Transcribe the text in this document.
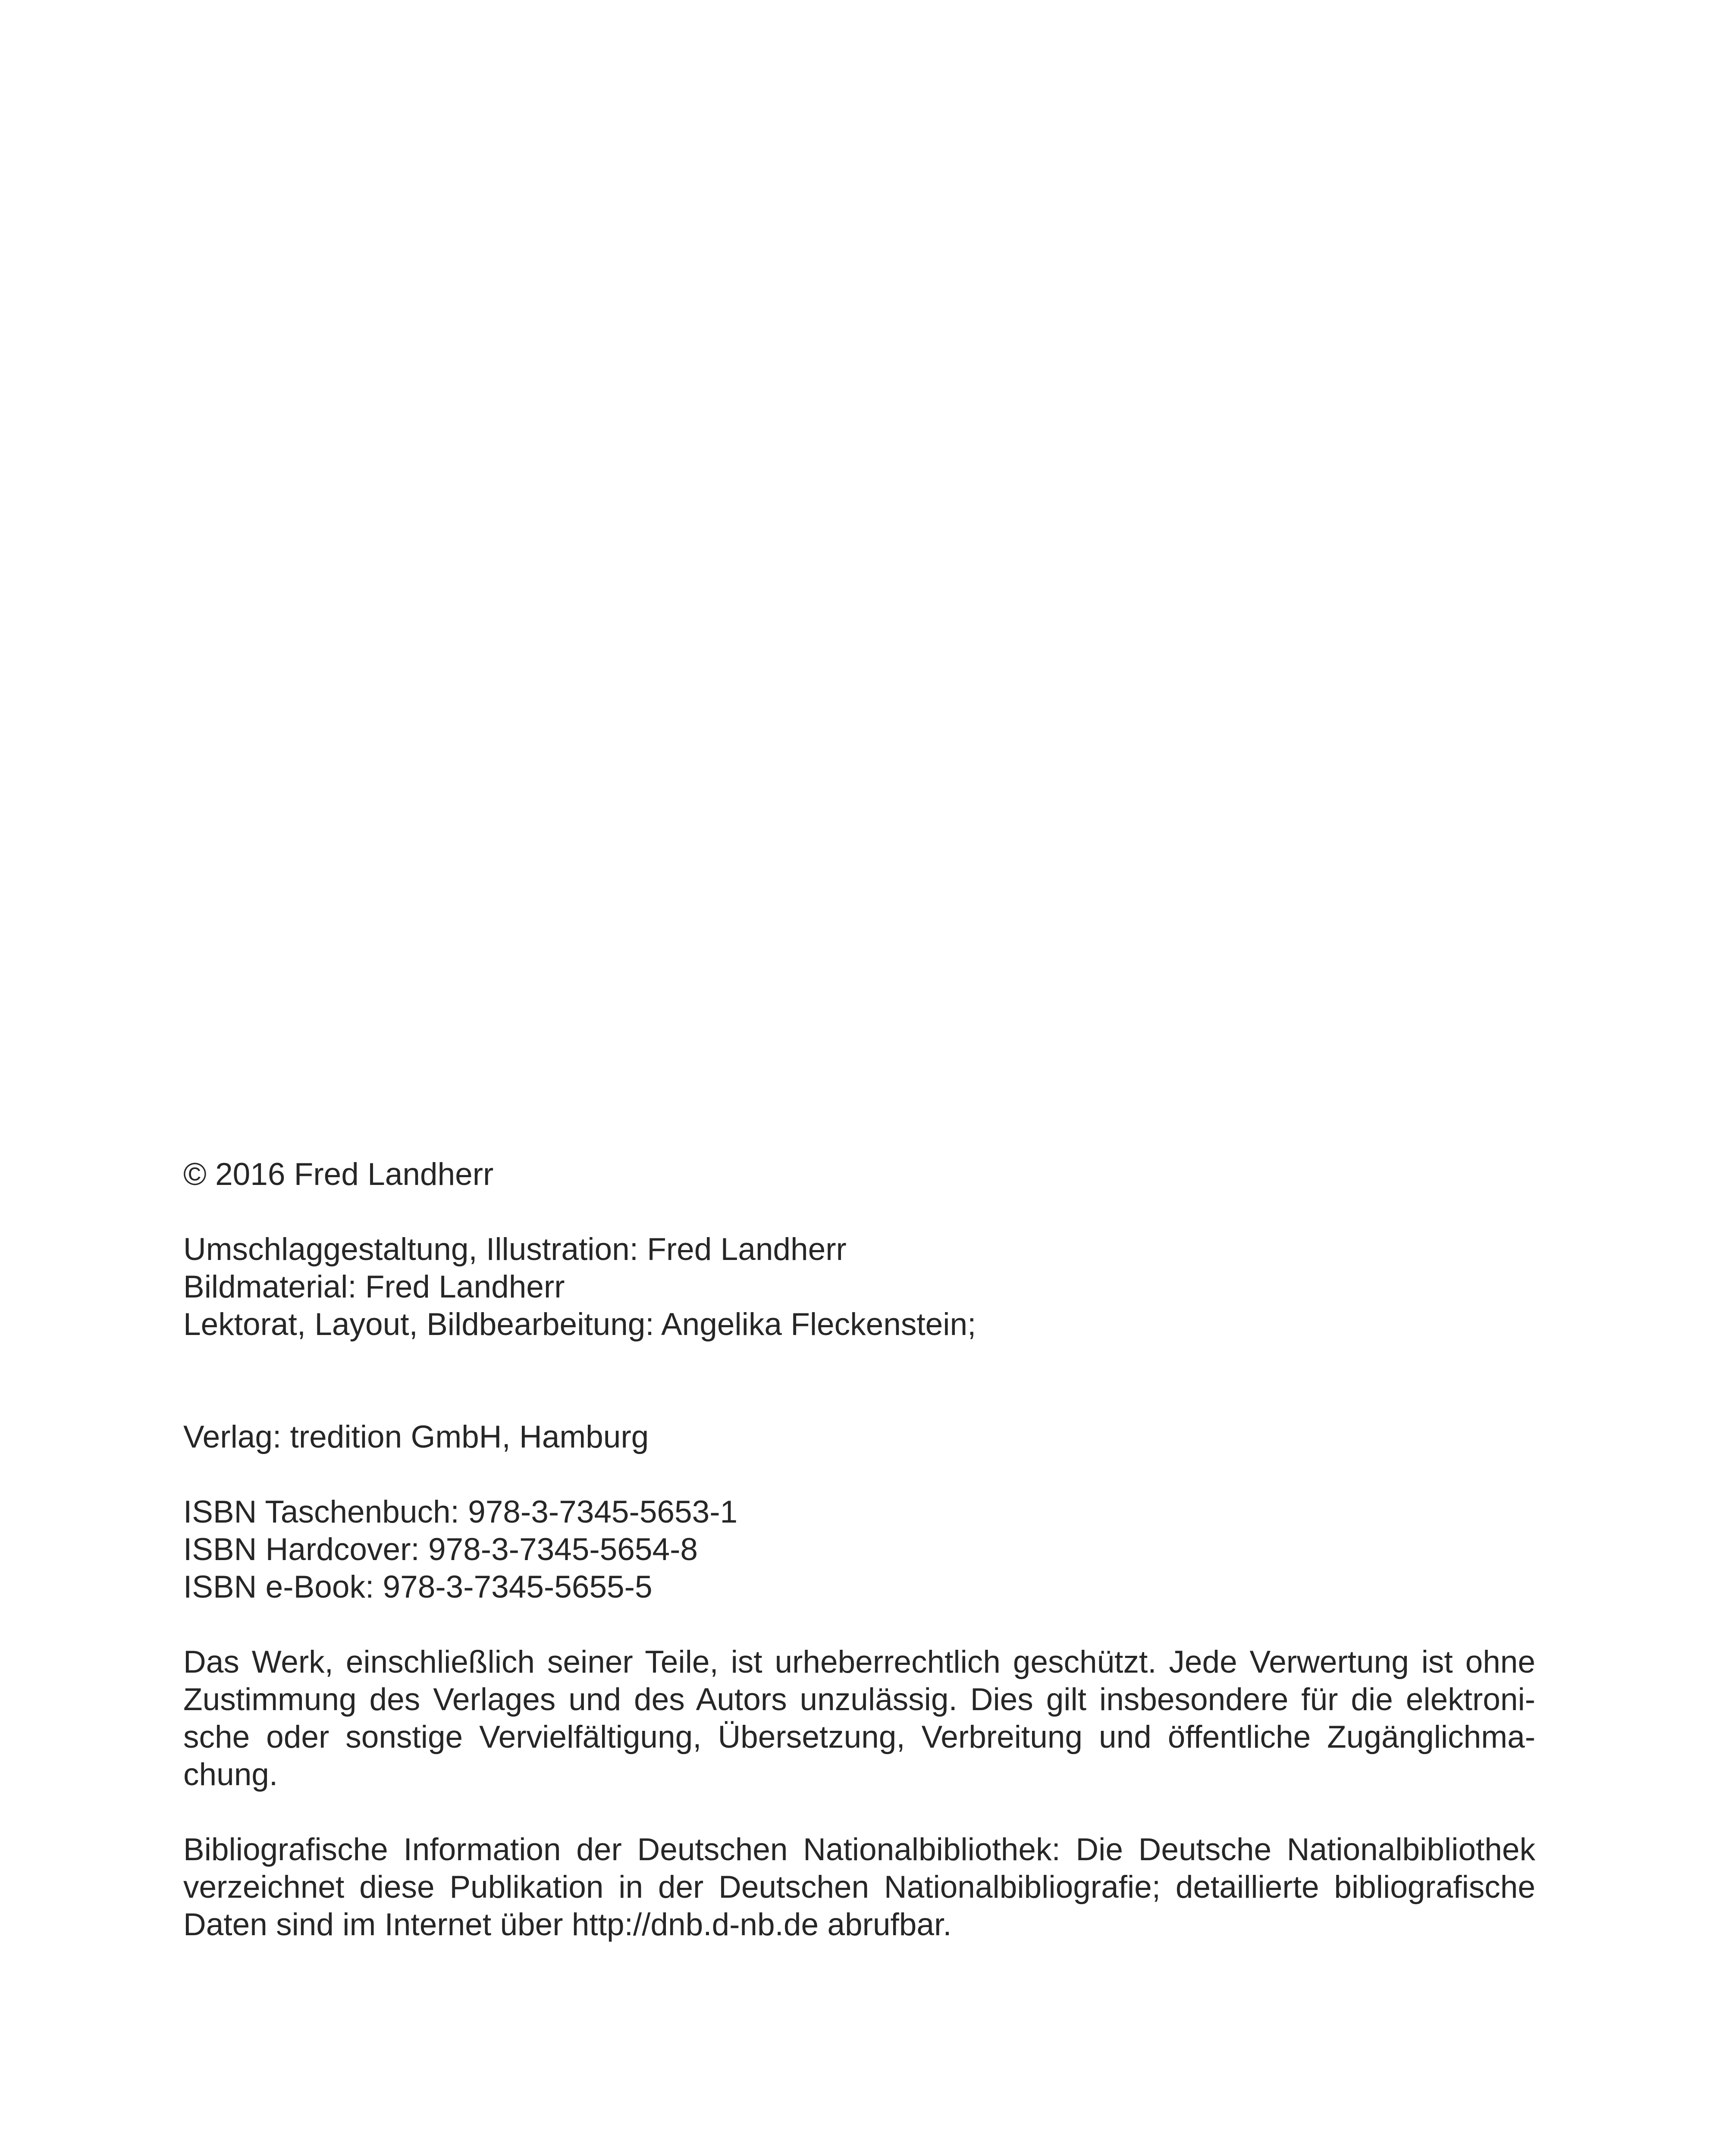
© 2016 Fred Landherr

Umschlaggestaltung, Illustration: Fred Landherr
Bildmaterial: Fred Landherr
Lektorat, Layout, Bildbearbeitung: Angelika Fleckenstein;

Verlag: tredition GmbH, Hamburg

ISBN Taschenbuch: 978-3-7345-5653-1
ISBN Hardcover: 978-3-7345-5654-8
ISBN e-Book: 978-3-7345-5655-5

Das Werk, einschließlich seiner Teile, ist urheberrechtlich geschützt. Jede Verwertung ist ohne
Zustimmung des Verlages und des Autors unzulässig. Dies gilt insbesondere für die elektroni-
sche oder sonstige Vervielfältigung, Übersetzung, Verbreitung und öffentliche Zugänglichma-
chung.

Bibliografische Information der Deutschen Nationalbibliothek: Die Deutsche Nationalbibliothek
verzeichnet diese Publikation in der Deutschen Nationalbibliografie; detaillierte bibliografische
Daten sind im Internet über http://dnb.d-nb.de abrufbar.
